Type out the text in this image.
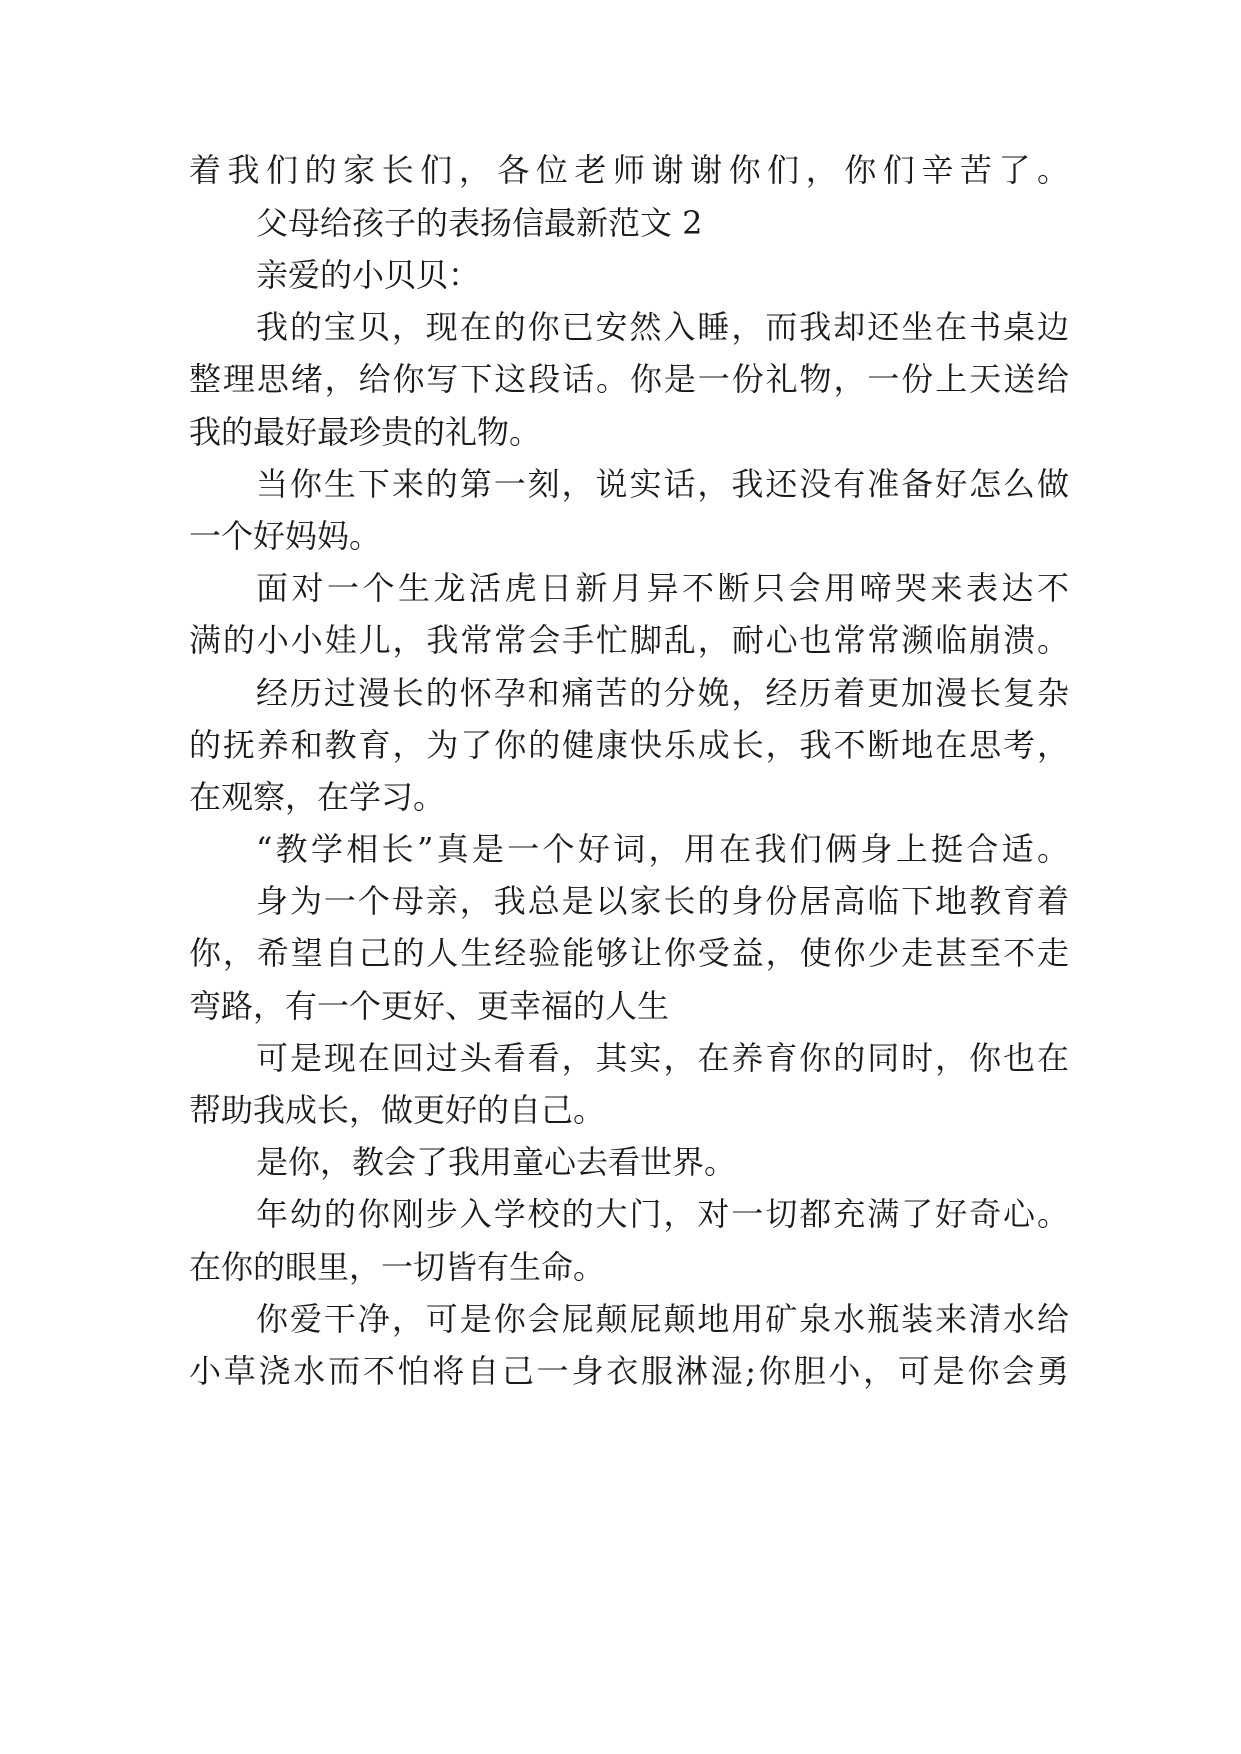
着我们的家长们，各位老师谢谢你们，你们辛苦了。
父母给孩子的表扬信最新范文 2
亲爱的小贝贝：
我的宝贝，现在的你已安然入睡，而我却还坐在书桌边
整理思绪，给你写下这段话。你是一份礼物，一份上天送给
我的最好最珍贵的礼物。
当你生下来的第一刻，说实话，我还没有准备好怎么做
一个好妈妈。
面对一个生龙活虎日新月异不断只会用啼哭来表达不
满的小小娃儿，我常常会手忙脚乱，耐心也常常濒临崩溃。
经历过漫长的怀孕和痛苦的分娩，经历着更加漫长复杂
的抚养和教育，为了你的健康快乐成长，我不断地在思考，
在观察，在学习。
“教学相长”真是一个好词，用在我们俩身上挺合适。
身为一个母亲，我总是以家长的身份居高临下地教育着
你，希望自己的人生经验能够让你受益，使你少走甚至不走
弯路，有一个更好、更幸福的人生
可是现在回过头看看，其实，在养育你的同时，你也在
帮助我成长，做更好的自己。
是你，教会了我用童心去看世界。
年幼的你刚步入学校的大门，对一切都充满了好奇心。
在你的眼里，一切皆有生命。
你爱干净，可是你会屁颠屁颠地用矿泉水瓶装来清水给
小草浇水而不怕将自己一身衣服淋湿;你胆小，可是你会勇
